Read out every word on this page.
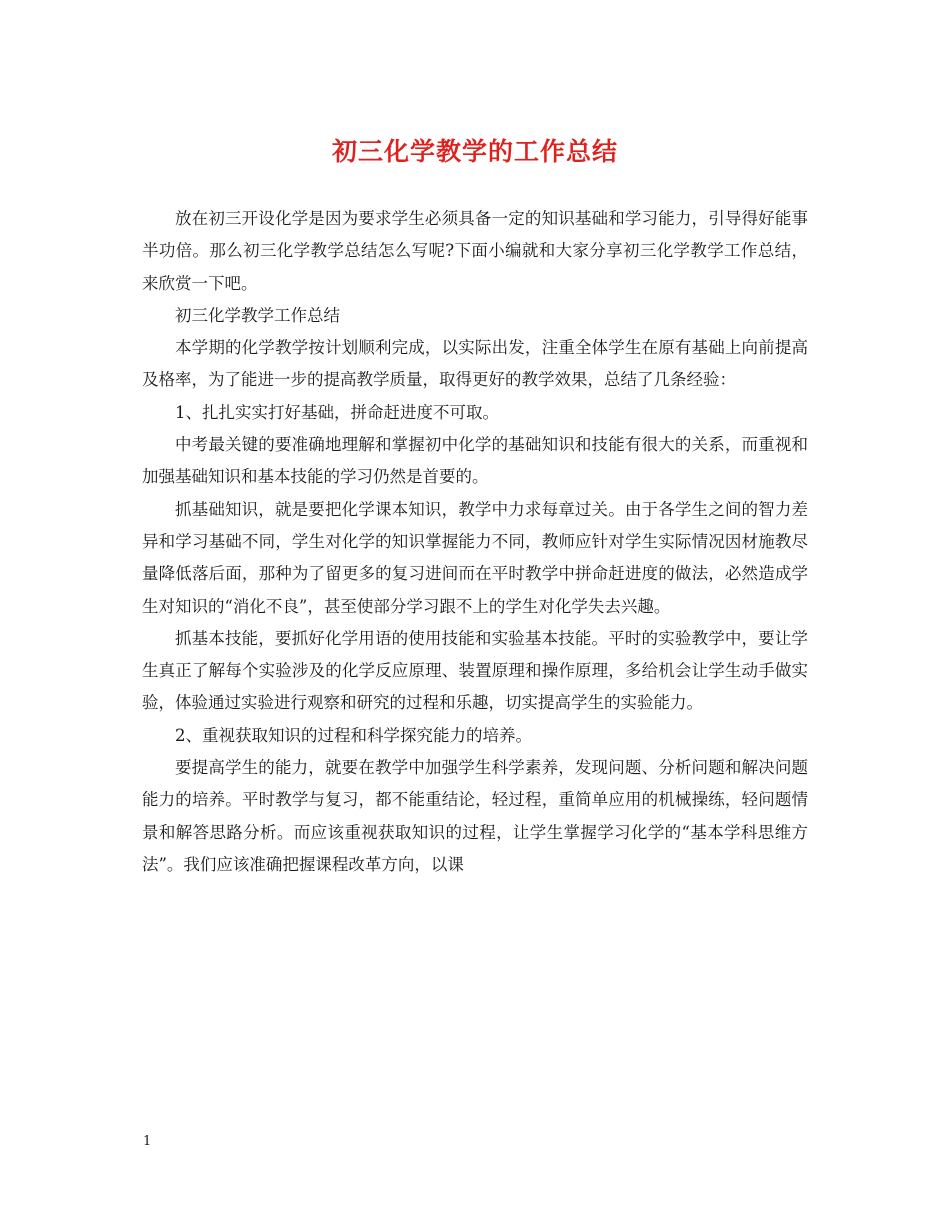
初三化学教学的工作总结

放在初三开设化学是因为要求学生必须具备一定的知识基础和学习能力，引导得好能事半功倍。那么初三化学教学总结怎么写呢?下面小编就和大家分享初三化学教学工作总结，来欣赏一下吧。

初三化学教学工作总结

本学期的化学教学按计划顺利完成，以实际出发，注重全体学生在原有基础上向前提高及格率，为了能进一步的提高教学质量，取得更好的教学效果，总结了几条经验：

1、扎扎实实打好基础，拼命赶进度不可取。

中考最关键的要准确地理解和掌握初中化学的基础知识和技能有很大的关系，而重视和加强基础知识和基本技能的学习仍然是首要的。

抓基础知识，就是要把化学课本知识，教学中力求每章过关。由于各学生之间的智力差异和学习基础不同，学生对化学的知识掌握能力不同，教师应针对学生实际情况因材施教尽量降低落后面，那种为了留更多的复习进间而在平时教学中拼命赶进度的做法，必然造成学生对知识的“消化不良”，甚至使部分学习跟不上的学生对化学失去兴趣。

抓基本技能，要抓好化学用语的使用技能和实验基本技能。平时的实验教学中，要让学生真正了解每个实验涉及的化学反应原理、装置原理和操作原理，多给机会让学生动手做实验，体验通过实验进行观察和研究的过程和乐趣，切实提高学生的实验能力。

2、重视获取知识的过程和科学探究能力的培养。

要提高学生的能力，就要在教学中加强学生科学素养，发现问题、分析问题和解决问题能力的培养。平时教学与复习，都不能重结论，轻过程，重简单应用的机械操练，轻问题情景和解答思路分析。而应该重视获取知识的过程，让学生掌握学习化学的“基本学科思维方法”。我们应该准确把握课程改革方向，以课

1
